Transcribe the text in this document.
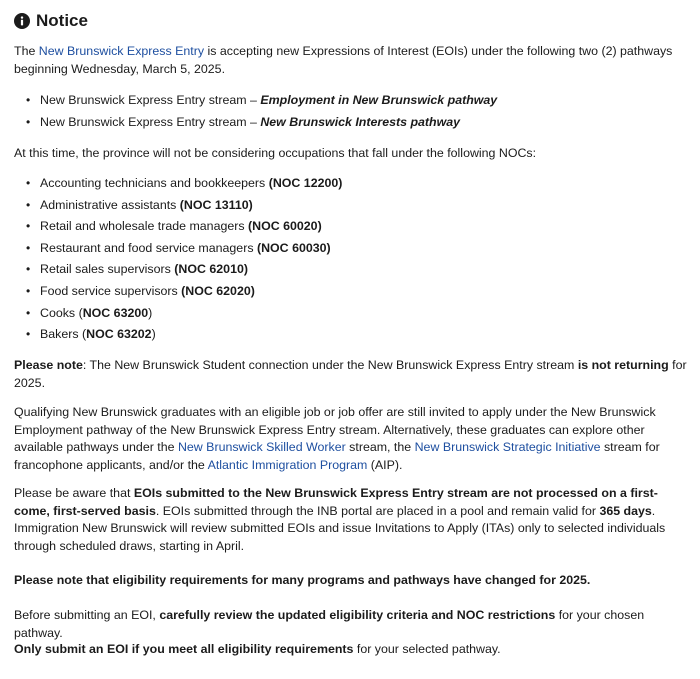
Notice

The New Brunswick Express Entry is accepting new Expressions of Interest (EOIs) under the following two (2) pathways beginning Wednesday, March 5, 2025.

• New Brunswick Express Entry stream – Employment in New Brunswick pathway
• New Brunswick Express Entry stream – New Brunswick Interests pathway

At this time, the province will not be considering occupations that fall under the following NOCs:

• Accounting technicians and bookkeepers (NOC 12200)
• Administrative assistants (NOC 13110)
• Retail and wholesale trade managers (NOC 60020)
• Restaurant and food service managers (NOC 60030)
• Retail sales supervisors (NOC 62010)
• Food service supervisors (NOC 62020)
• Cooks (NOC 63200)
• Bakers (NOC 63202)

Please note: The New Brunswick Student connection under the New Brunswick Express Entry stream is not returning for 2025.

Qualifying New Brunswick graduates with an eligible job or job offer are still invited to apply under the New Brunswick Employment pathway of the New Brunswick Express Entry stream. Alternatively, these graduates can explore other available pathways under the New Brunswick Skilled Worker stream, the New Brunswick Strategic Initiative stream for francophone applicants, and/or the Atlantic Immigration Program (AIP).

Please be aware that EOIs submitted to the New Brunswick Express Entry stream are not processed on a first-come, first-served basis. EOIs submitted through the INB portal are placed in a pool and remain valid for 365 days. Immigration New Brunswick will review submitted EOIs and issue Invitations to Apply (ITAs) only to selected individuals through scheduled draws, starting in April.

Please note that eligibility requirements for many programs and pathways have changed for 2025.

Before submitting an EOI, carefully review the updated eligibility criteria and NOC restrictions for your chosen pathway.

Only submit an EOI if you meet all eligibility requirements for your selected pathway.
